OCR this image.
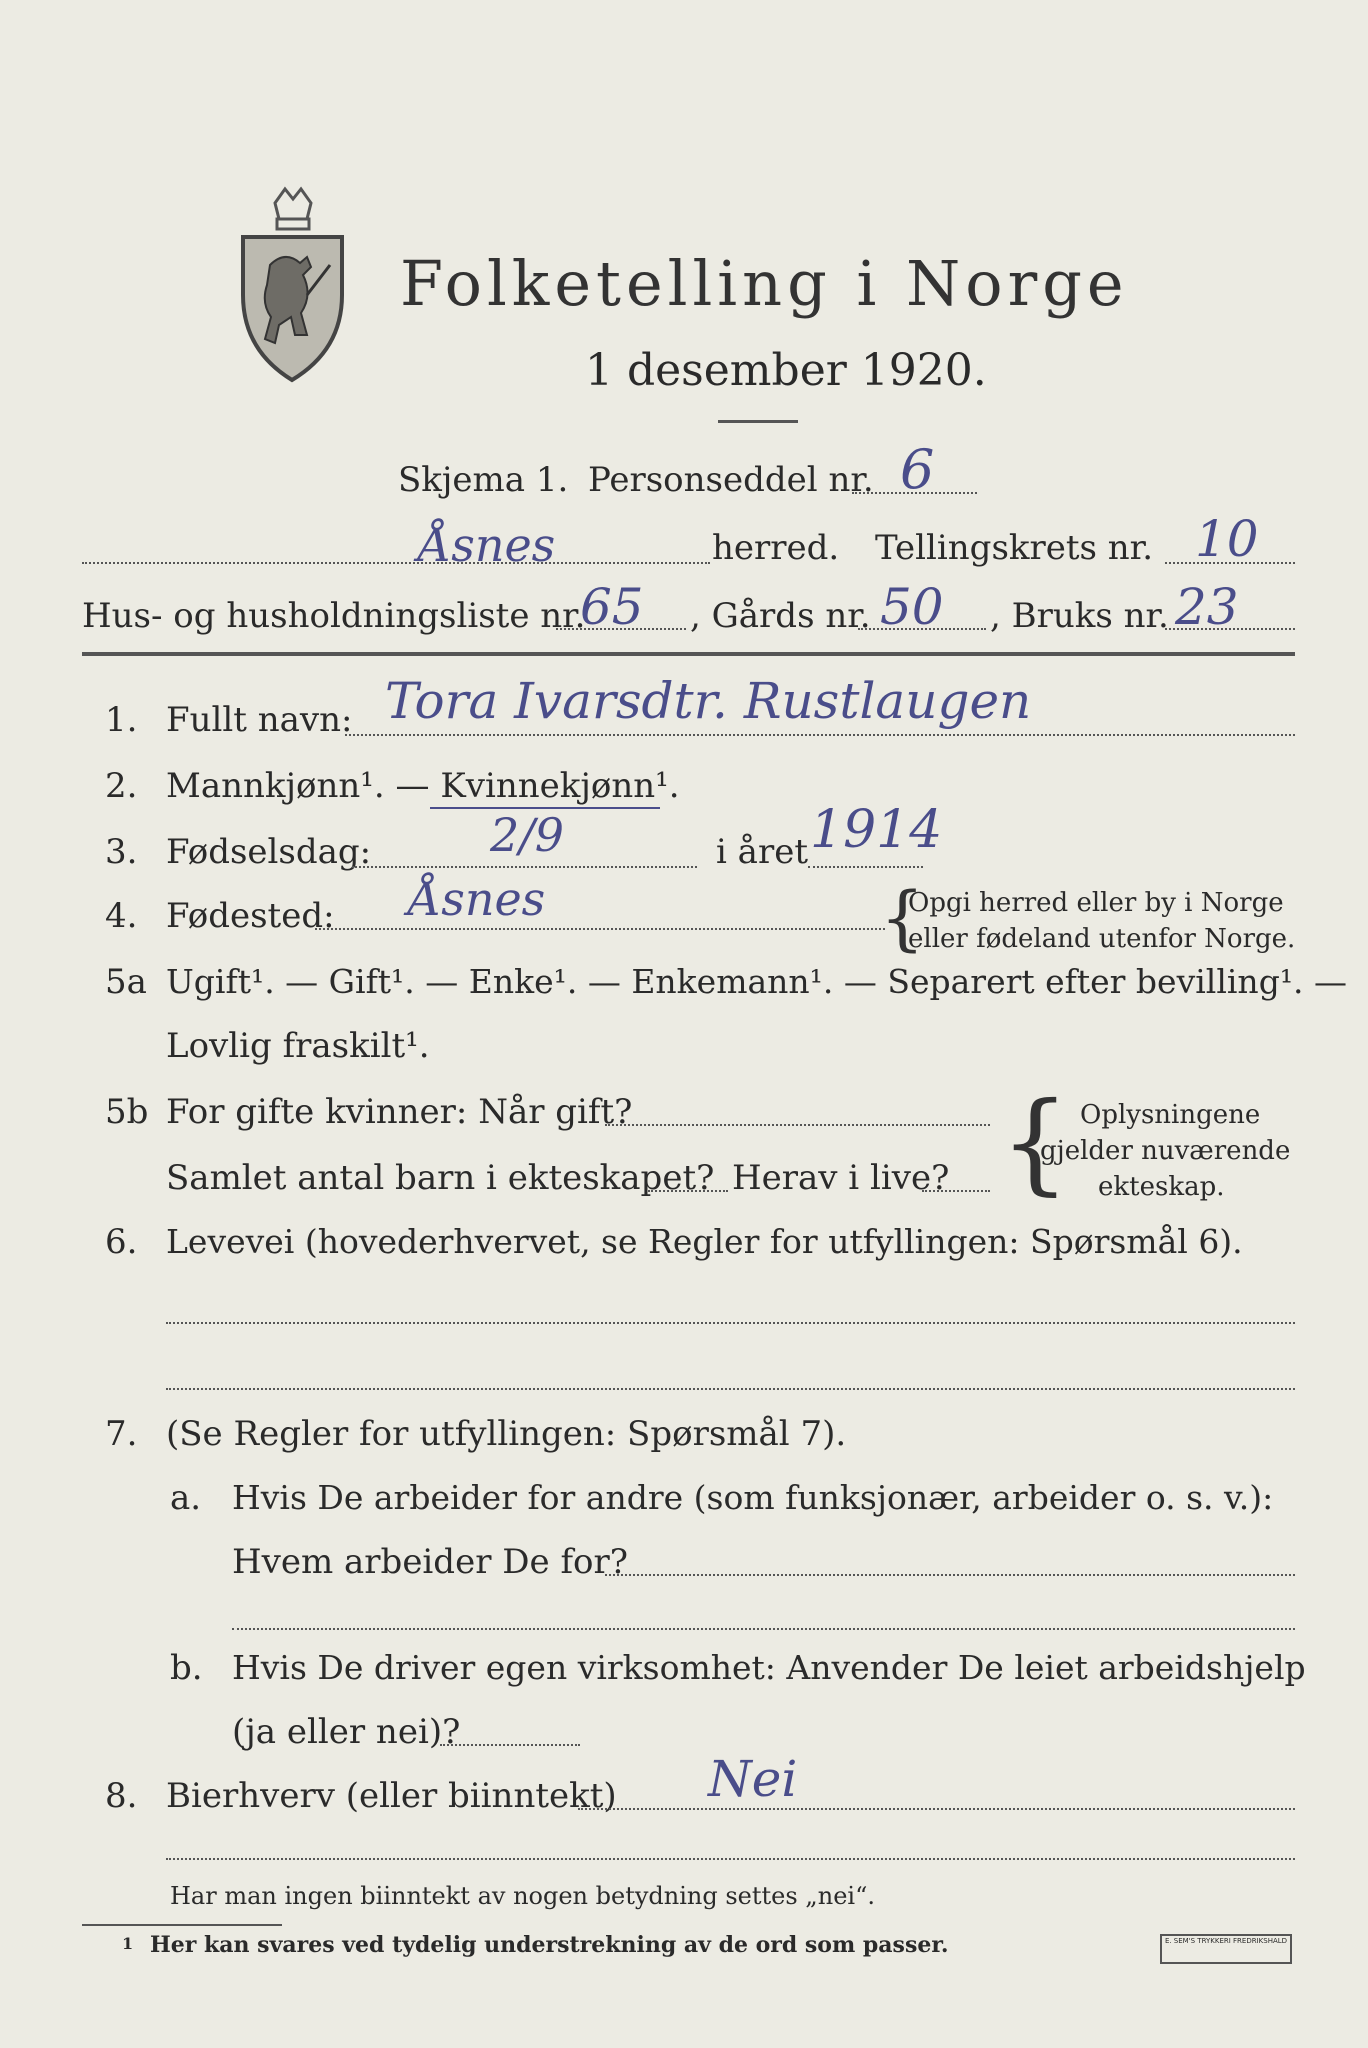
Folketelling i Norge
1 desember 1920.
Skjema 1. Personseddel nr. 6
Åsnes	herred. Tellingskrets nr. 10
Hus- og husholdningsliste nr.
65 , Gårds nr. 50 , Bruks nr. 23
1. Fullt navn: Tora Ivarsdtr. Rustlaugen
2. Mannkjønn¹. — Kvinnekjønn¹.
3. Fødselsdag:	2/9	i året 1914
4. Fødested: Åsnes	{
Opgi herred eller by i Norge
eller fødeland utenfor Norge.
5a Ugift¹. — Gift¹. — Enke¹. — Enkemann¹. — Separert efter bevilling¹. —
Lovlig fraskilt¹.
5b For gifte kvinner: Når gift?
Samlet antal barn i ekteskapet? Herav i live? { Oplysningene
gjelder nuværende
ekteskap.
6. Levevei (hovederhvervet, se Regler for utfyllingen: Spørsmål 6).
7. (Se Regler for utfyllingen: Spørsmål 7).
a. Hvis De arbeider for andre (som funksjonær, arbeider o. s. v.):
Hvem arbeider De for?
b. Hvis De driver egen virksomhet: Anvender De leiet arbeidshjelp
(ja eller nei)?
8. Bierhverv (eller biinntekt) Nei
Har man ingen biinntekt av nogen betydning settes „nei“.
1 Her kan svares ved tydelig understrekning av de ord som passer.	E. SEM'S TRYKKERI FREDRIKSHALD
